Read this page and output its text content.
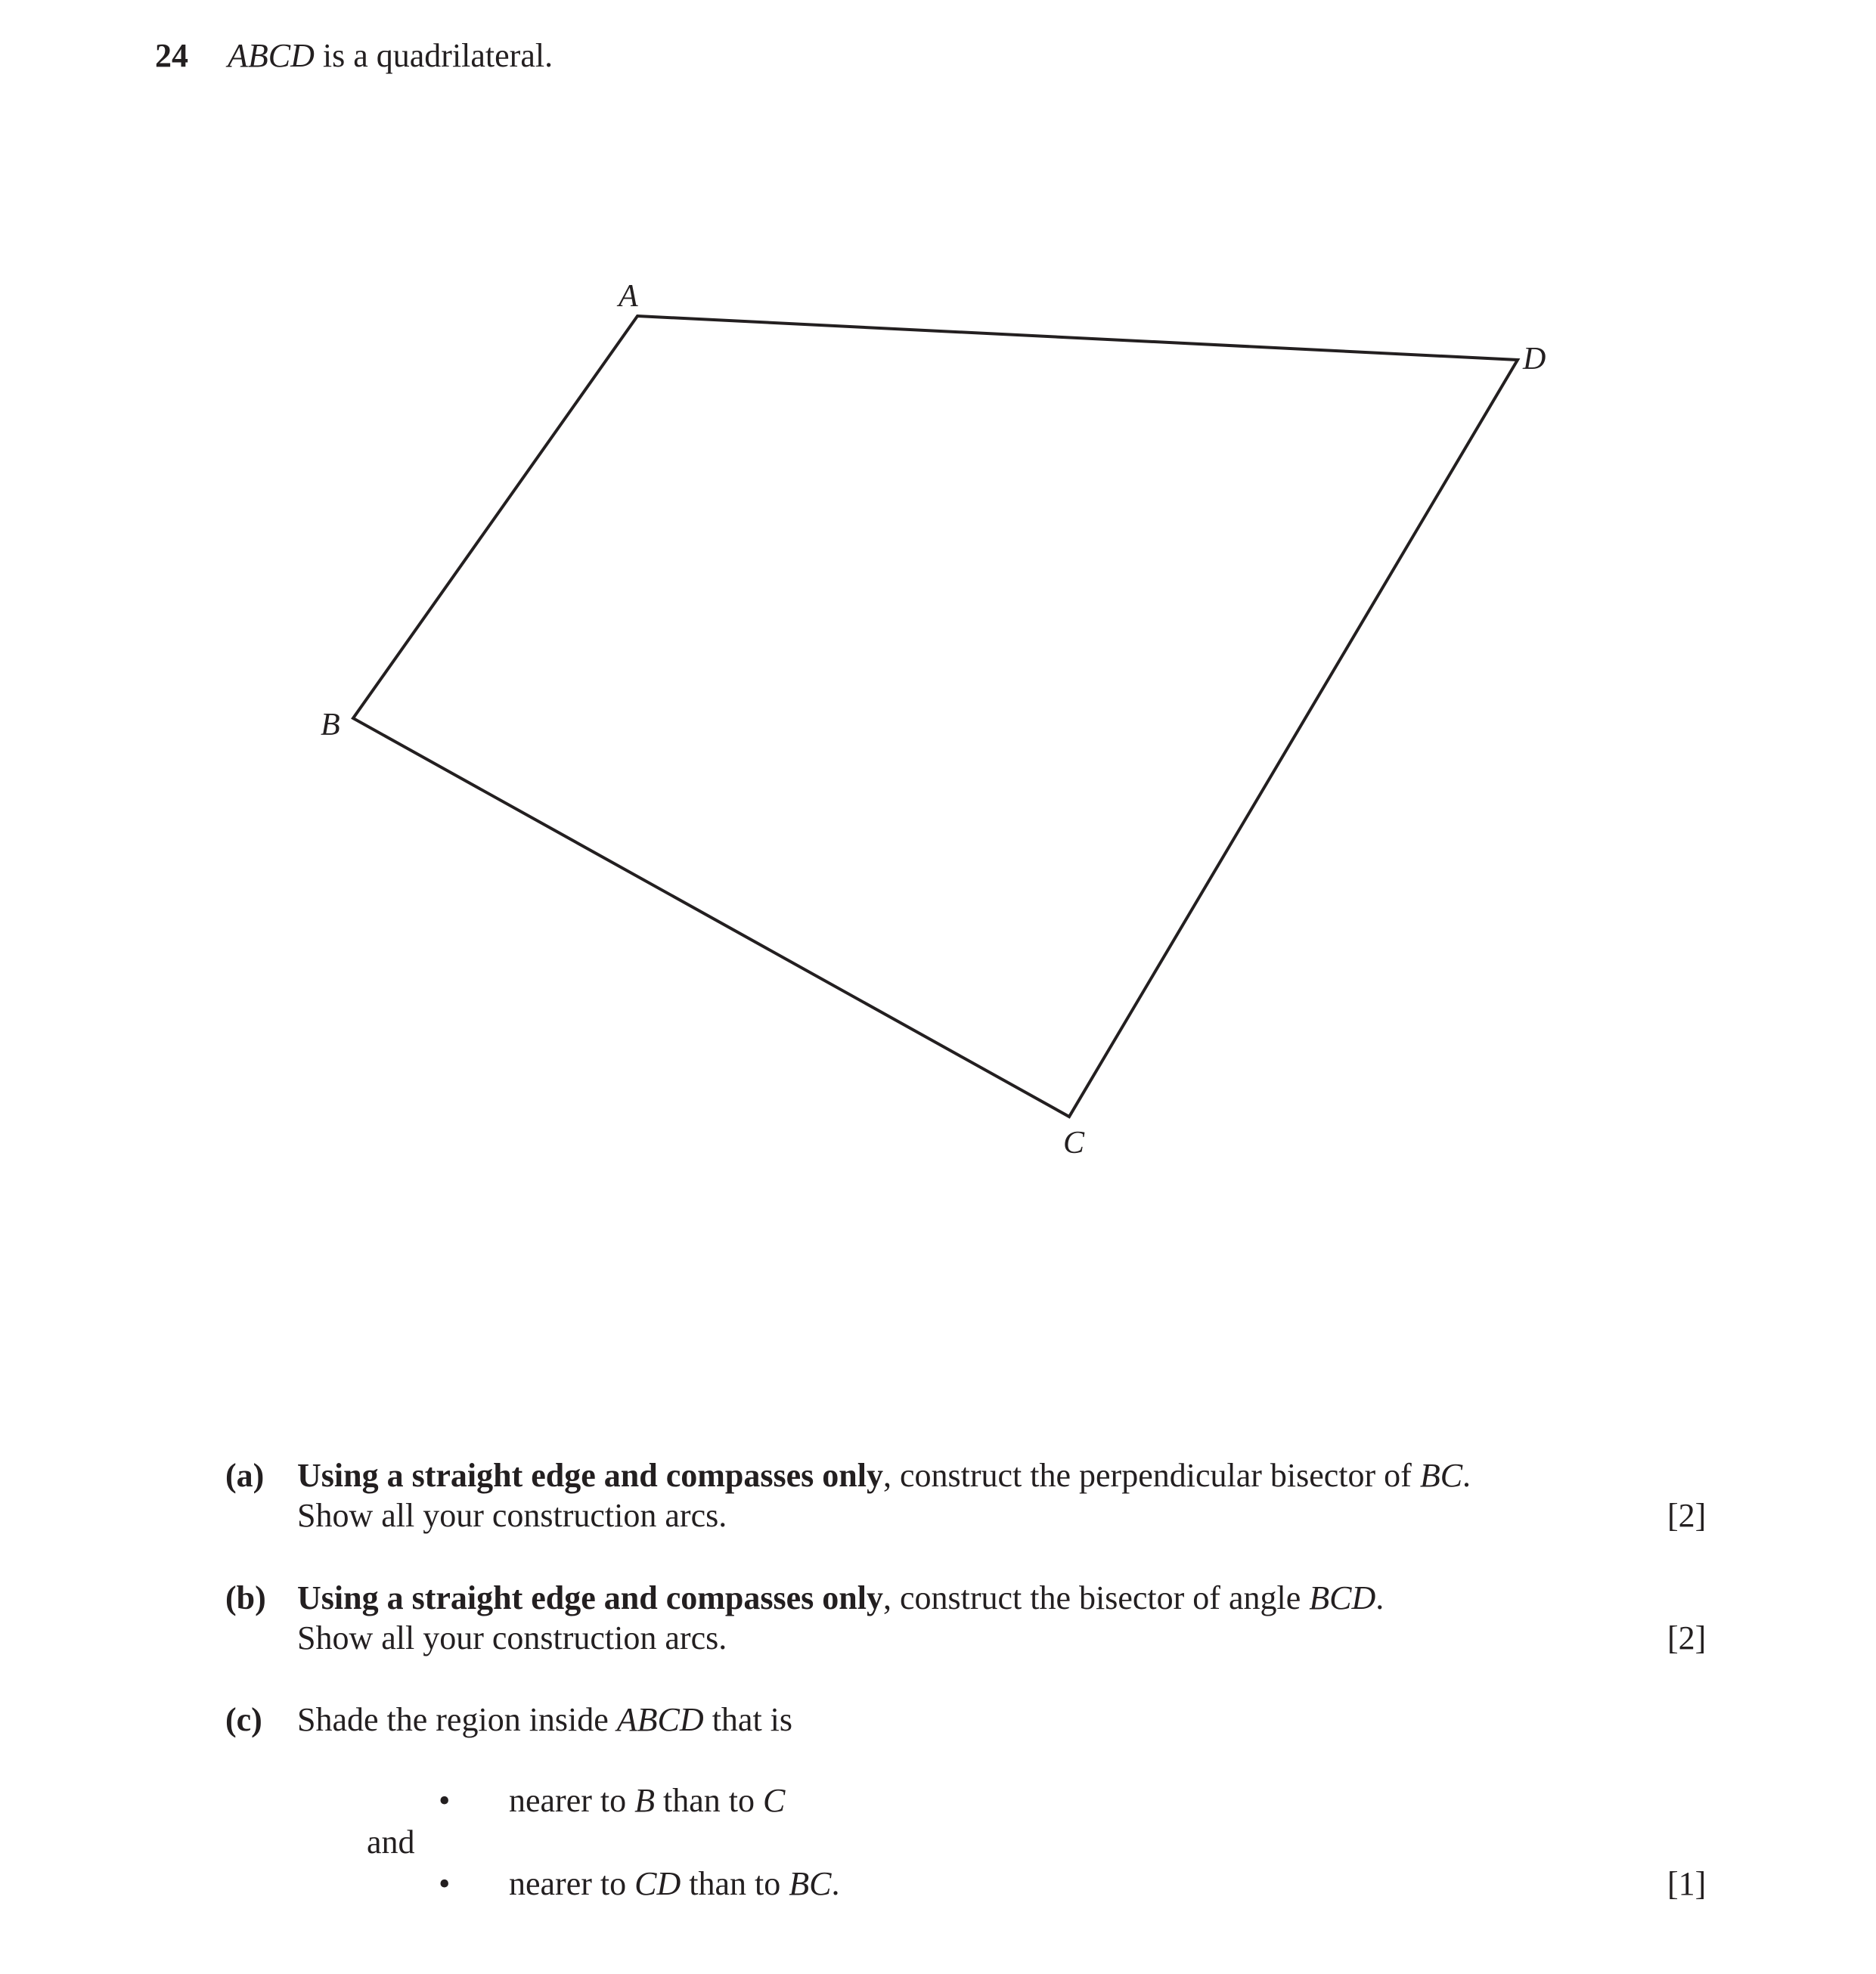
24 ABCD is a quadrilateral.
A
B
C
D
(a) Using a straight edge and compasses only, construct the perpendicular bisector of BC.
Show all your construction arcs.	[2]
(b) Using a straight edge and compasses only, construct the bisector of angle BCD.
Show all your construction arcs.	[2]
(c) Shade the region inside ABCD that is
• nearer to B than to C
and
• nearer to CD than to BC.	[1]
